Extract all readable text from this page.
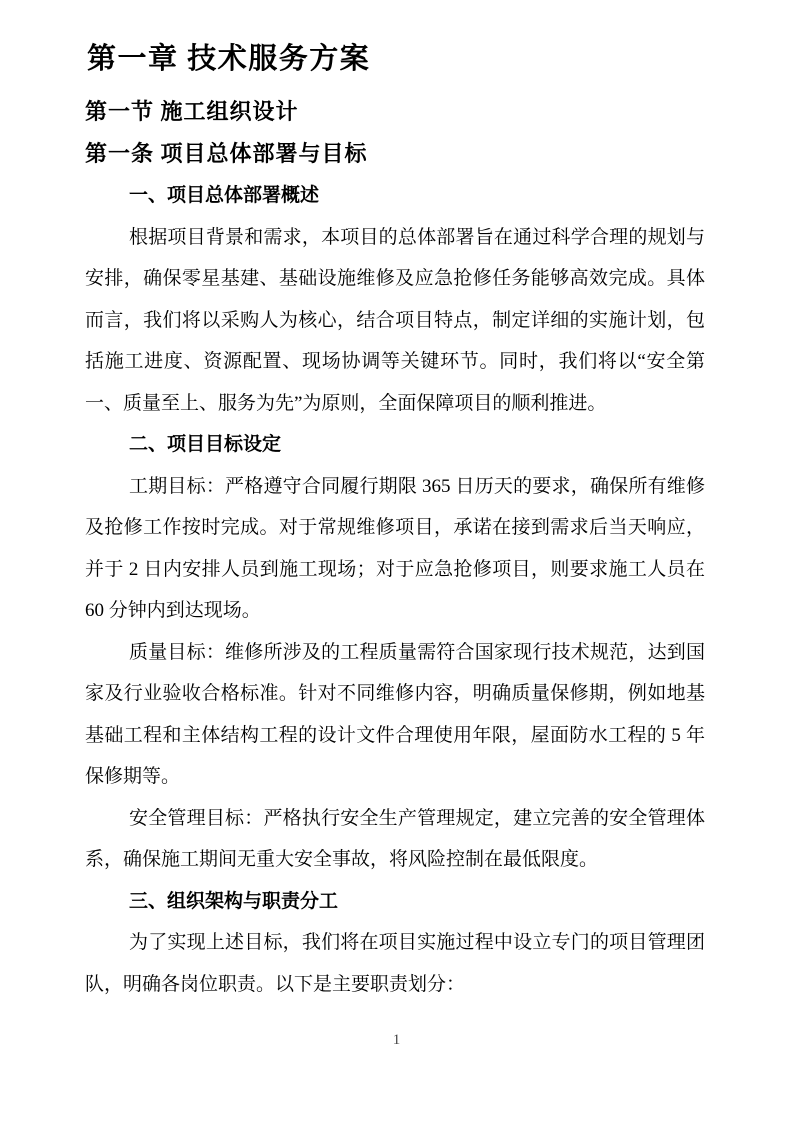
第一章 技术服务方案
第一节 施工组织设计
第一条 项目总体部署与目标

一、项目总体部署概述

根据项目背景和需求，本项目的总体部署旨在通过科学合理的规划与安排，确保零星基建、基础设施维修及应急抢修任务能够高效完成。具体而言，我们将以采购人为核心，结合项目特点，制定详细的实施计划，包括施工进度、资源配置、现场协调等关键环节。同时，我们将以“安全第一、质量至上、服务为先”为原则，全面保障项目的顺利推进。

二、项目目标设定

工期目标：严格遵守合同履行期限 365 日历天的要求，确保所有维修及抢修工作按时完成。对于常规维修项目，承诺在接到需求后当天响应，并于 2 日内安排人员到施工现场；对于应急抢修项目，则要求施工人员在 60 分钟内到达现场。

质量目标：维修所涉及的工程质量需符合国家现行技术规范，达到国家及行业验收合格标准。针对不同维修内容，明确质量保修期，例如地基基础工程和主体结构工程的设计文件合理使用年限，屋面防水工程的 5 年保修期等。

安全管理目标：严格执行安全生产管理规定，建立完善的安全管理体系，确保施工期间无重大安全事故，将风险控制在最低限度。

三、组织架构与职责分工

为了实现上述目标，我们将在项目实施过程中设立专门的项目管理团队，明确各岗位职责。以下是主要职责划分：

1
